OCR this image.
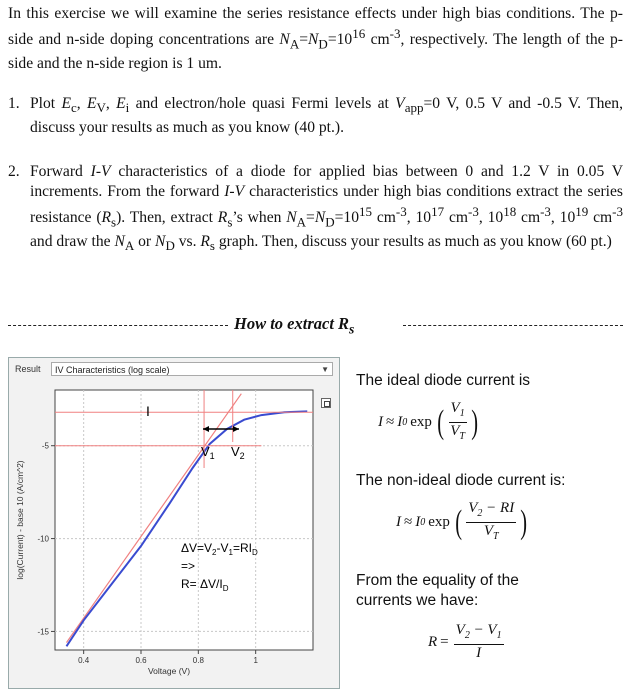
In this exercise we will examine the series resistance effects under high bias conditions. The p-side and n-side doping concentrations are $N_A=N_D=10^{16}$ $cm^{-3}$, respectively. The length of the p-side and the n-side region is 1 um.
1. Plot $E_c$, $E_V$, $E_i$ and electron/hole quasi Fermi levels at $V_{app}=0$ V, 0.5 V and -0.5 V. Then, discuss your results as much as you know (40 pt.).
2. Forward I-V characteristics of a diode for applied bias between 0 and 1.2 V in 0.05 V increments. From the forward I-V characteristics under high bias conditions extract the series resistance $(R_s)$. Then, extract $R_s’s$ when $N_A=N_D=10^{15}$ $cm^{-3}$, $10^{17}$ $cm^{-3}$, $10^{18}$ $cm^{-3}$, $10^{19}$ $cm^{-3}$ and draw the $N_A$ or $N_D$ vs. $R_s$ graph. Then, discuss your results as much as you know (60 pt.)
How to extract $R_s$
Result	IV Characteristics (log scale)	▼
-5
-10
-15
0.4	0.6	0.8	1
I
$V_1$ $V_2$
$\Delta V=V_2-V_1=RI_D$
=>
$R= \Delta V/I_D$
Voltage (V)
log(Current) - base 10 (A/cm^2)
The ideal diode current is
I ≈ I 0 exp ( $\frac{V_1}{V_T}$ )
The non-ideal diode current is:
I ≈ I 0 exp ( $\frac{V_2 - RI}{V_T}$ )
From the equality of the
currents we have:
$R = \frac{V_2 - V_1}{I}$
